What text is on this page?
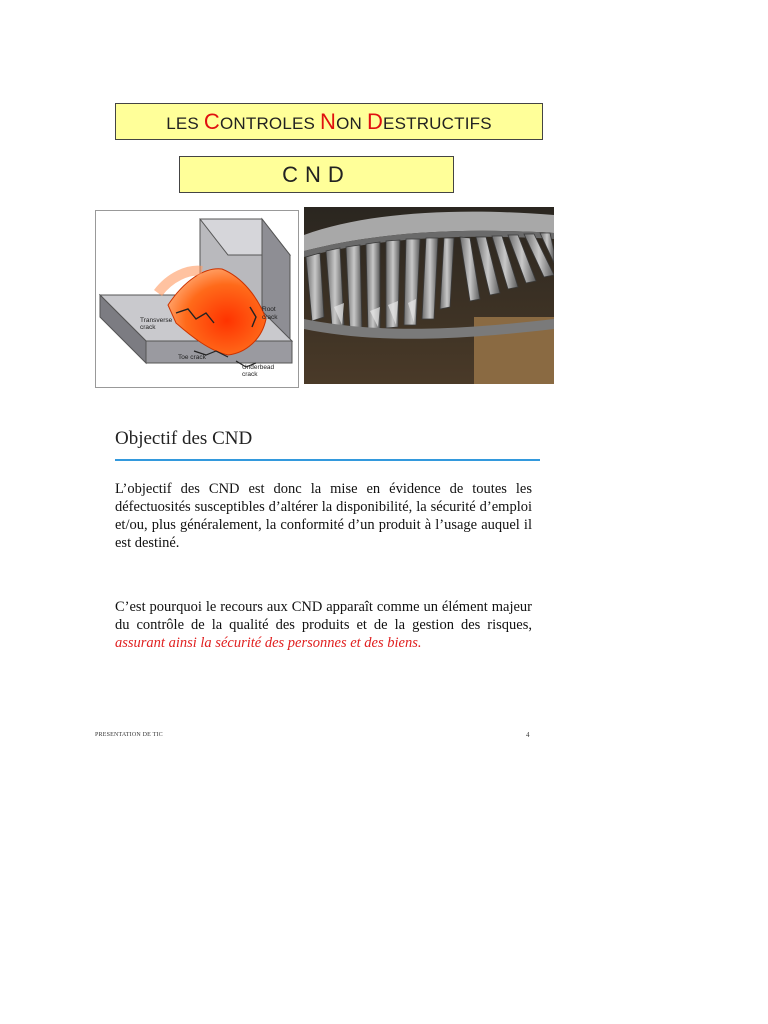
LES CONTROLES NON DESTRUCTIFS
CND
Transverse
crack
Root
crack
Toe crack
Underbead
crack
Objectif des CND
L’objectif des CND est donc la mise en évidence de toutes les défectuosités susceptibles d’altérer la disponibilité, la sécurité d’emploi et/ou, plus généralement, la conformité d’un produit à l’usage auquel il est destiné.
C’est pourquoi le recours aux CND apparaît comme un élément majeur du contrôle de la qualité des produits et de la gestion des risques, assurant ainsi la sécurité des personnes et des biens.
PRESENTATION DE TIC	4
